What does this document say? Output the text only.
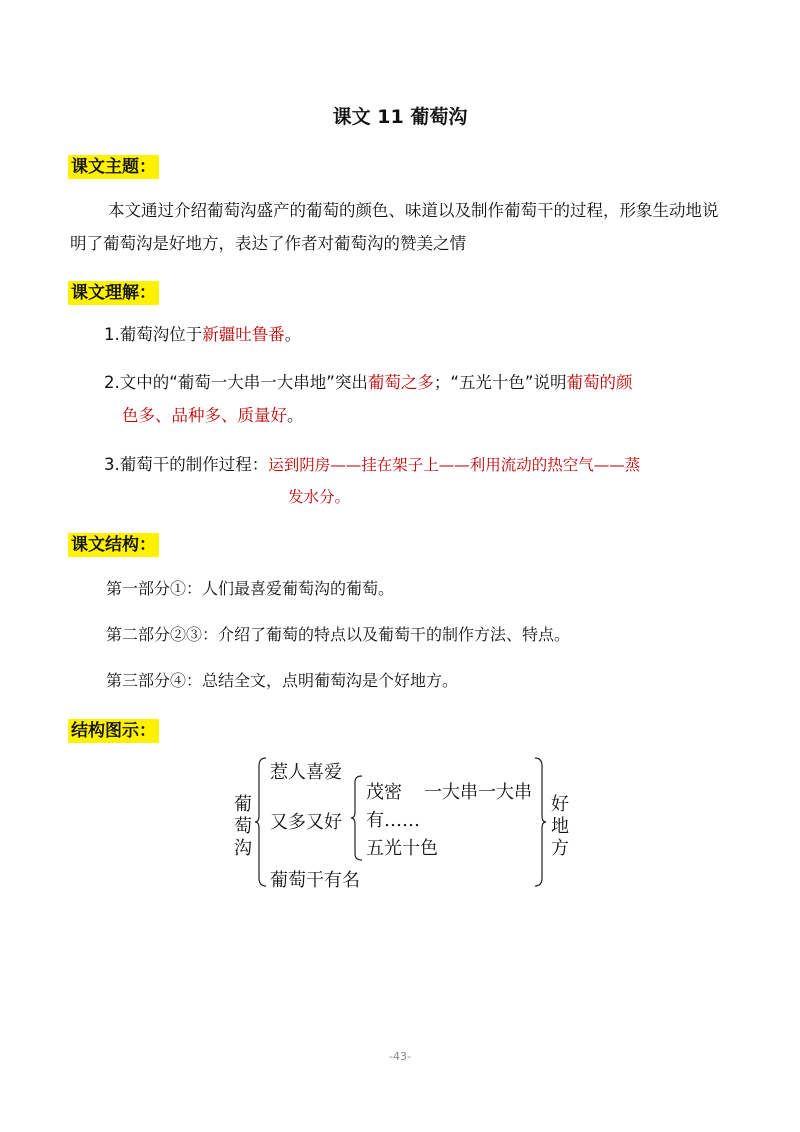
课文 11 葡萄沟
课文主题：
本文通过介绍葡萄沟盛产的葡萄的颜色、味道以及制作葡萄干的过程，形象生动地说明了葡萄沟是好地方，表达了作者对葡萄沟的赞美之情
课文理解：
1.葡萄沟位于新疆吐鲁番。
2.文中的“葡萄一大串一大串地”突出葡萄之多；“五光十色”说明葡萄的颜
色多、品种多、质量好。
3.葡萄干的制作过程：运到阴房——挂在架子上——利用流动的热空气——蒸
发水分。
课文结构：
第一部分①：人们最喜爱葡萄沟的葡萄。
第二部分②③：介绍了葡萄的特点以及葡萄干的制作方法、特点。
第三部分④：总结全文，点明葡萄沟是个好地方。
结构图示：
葡
萄
沟
惹人喜爱
又多又好
葡萄干有名
茂密 一大串一大串
有……
五光十色
好
地
方
-43-
